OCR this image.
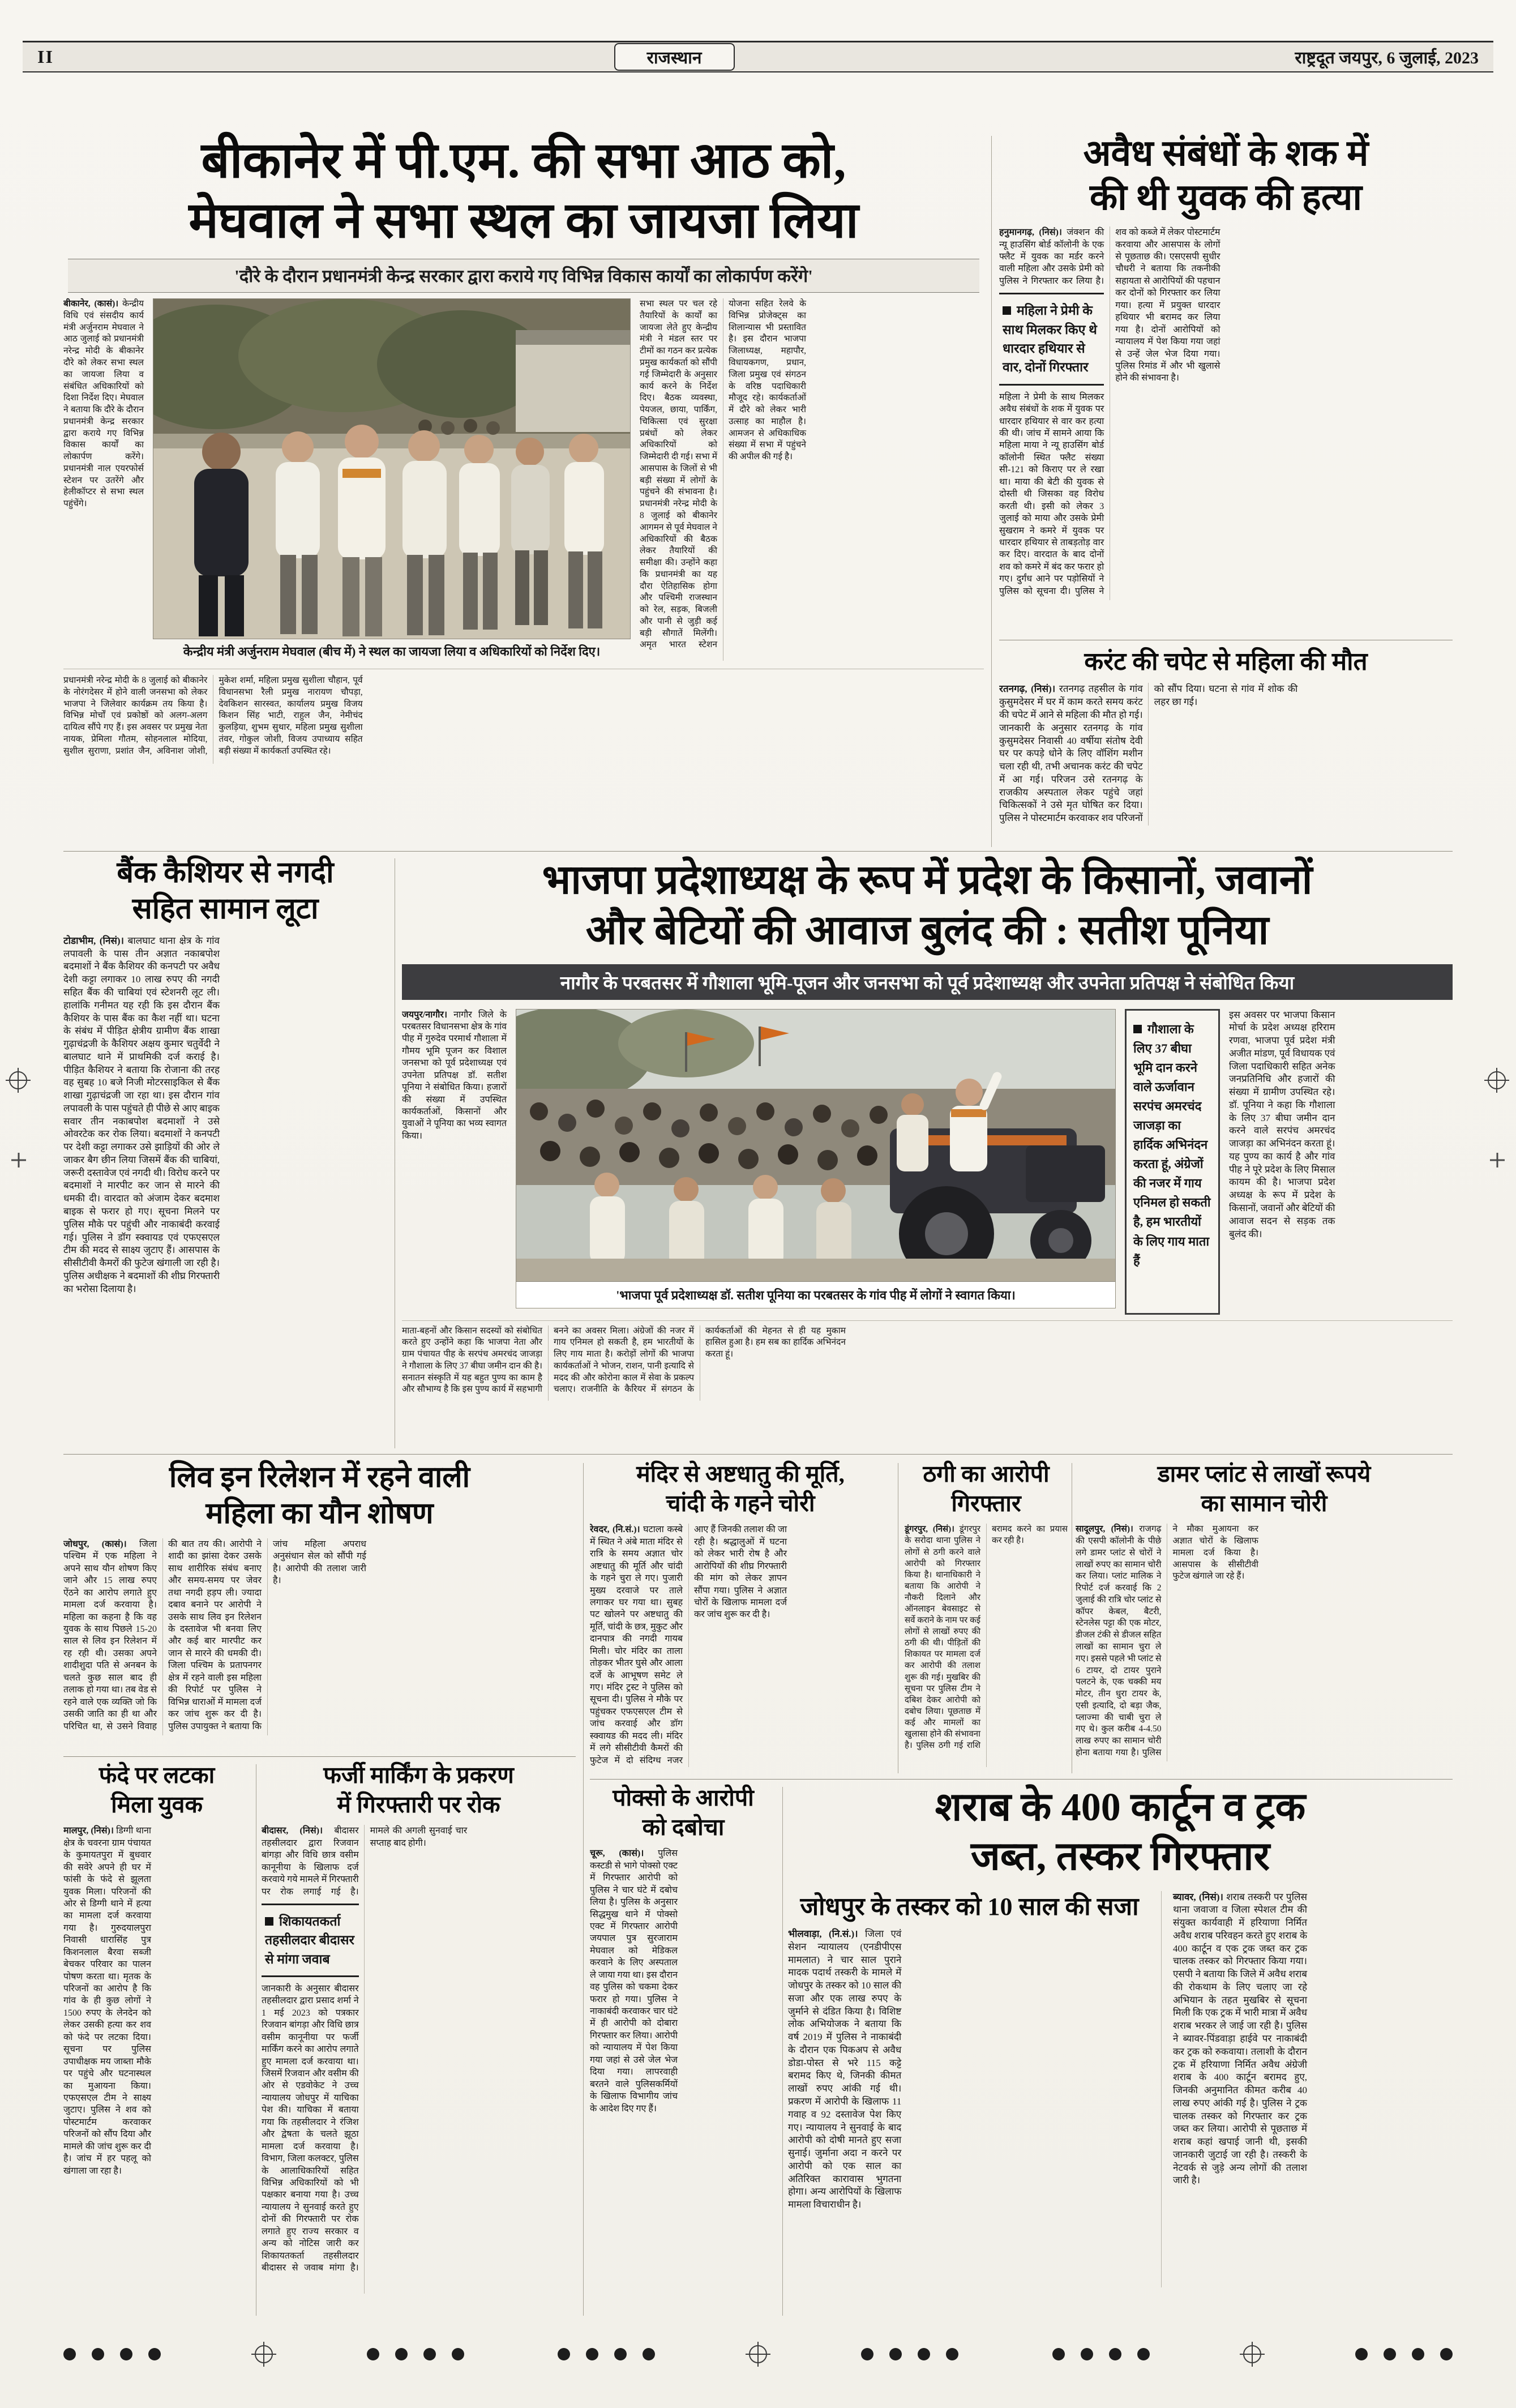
II	राजस्थान	राष्ट्रदूत जयपुर, 6 जुलाई, 2023
बीकानेर में पी.एम. की सभा आठ को,
मेघवाल ने सभा स्थल का जायजा लिया
'दौरे के दौरान प्रधानमंत्री केन्द्र सरकार द्वारा कराये गए विभिन्न विकास कार्यों का लोकार्पण करेंगे'
बीकानेर, (कासं)। केन्द्रीय विधि एवं संसदीय कार्य मंत्री अर्जुनराम मेघवाल ने आठ जुलाई को प्रधानमंत्री नरेन्द्र मोदी के बीकानेर दौरे को लेकर सभा स्थल का जायजा लिया व संबंधित अधिकारियों को दिशा निर्देश दिए। मेघवाल ने बताया कि दौरे के दौरान प्रधानमंत्री केन्द्र सरकार द्वारा कराये गए विभिन्न विकास कार्यों का लोकार्पण करेंगे। प्रधानमंत्री नाल एयरफोर्स स्टेशन पर उतरेंगे और हेलीकॉप्टर से सभा स्थल पहुंचेंगे।
केन्द्रीय मंत्री अर्जुनराम मेघवाल (बीच में) ने स्थल का जायजा लिया व अधिकारियों को निर्देश दिए।
सभा स्थल पर चल रहे तैयारियों के कार्यों का जायजा लेते हुए केन्द्रीय मंत्री ने मंडल स्तर पर टीमों का गठन कर प्रत्येक प्रमुख कार्यकर्ता को सौंपी गई जिम्मेदारी के अनुसार कार्य करने के निर्देश दिए। बैठक व्यवस्था, पेयजल, छाया, पार्किंग, चिकित्सा एवं सुरक्षा प्रबंधों को लेकर अधिकारियों को जिम्मेदारी दी गई। सभा में आसपास के जिलों से भी बड़ी संख्या में लोगों के पहुंचने की संभावना है। प्रधानमंत्री नरेन्द्र मोदी के 8 जुलाई को बीकानेर आगमन से पूर्व मेघवाल ने अधिकारियों की बैठक लेकर तैयारियों की समीक्षा की। उन्होंने कहा कि प्रधानमंत्री का यह दौरा ऐतिहासिक होगा और पश्चिमी राजस्थान को रेल, सड़क, बिजली और पानी से जुड़ी कई बड़ी सौगातें मिलेंगी। अमृत भारत स्टेशन योजना सहित रेलवे के विभिन्न प्रोजेक्ट्स का शिलान्यास भी प्रस्तावित है। इस दौरान भाजपा जिलाध्यक्ष, महापौर, विधायकगण, प्रधान, जिला प्रमुख एवं संगठन के वरिष्ठ पदाधिकारी मौजूद रहे। कार्यकर्ताओं में दौरे को लेकर भारी उत्साह का माहौल है। आमजन से अधिकाधिक संख्या में सभा में पहुंचने की अपील की गई है।
प्रधानमंत्री नरेन्द्र मोदी के 8 जुलाई को बीकानेर के नोरंगदेसर में होने वाली जनसभा को लेकर भाजपा ने जिलेवार कार्यक्रम तय किया है। विभिन्न मोर्चों एवं प्रकोष्ठों को अलग-अलग दायित्व सौंपे गए हैं। इस अवसर पर प्रमुख नेता नायक, प्रेमिला गौतम, सोहनलाल मोदिया, सुशील सुराणा, प्रशांत जैन, अविनाश जोशी, मुकेश शर्मा, महिला प्रमुख सुशीला चौहान, पूर्व विधानसभा रैली प्रमुख नारायण चौपड़ा, देवकिशन सारस्वत, कार्यालय प्रमुख विजय किशन सिंह भाटी, राहुल जैन, नेमीचंद कुलड़िया, शुभम सुथार, महिला प्रमुख सुशीला तंवर, गोकुल जोशी, विजय उपाध्याय सहित बड़ी संख्या में कार्यकर्ता उपस्थित रहे।
अवैध संबंधों के शक में
की थी युवक की हत्या
हनुमानगढ़, (निसं)। जंक्शन की न्यू हाउसिंग बोर्ड कॉलोनी के एक फ्लैट में युवक का मर्डर करने वाली महिला और उसके प्रेमी को पुलिस ने गिरफ्तार कर लिया है। महिला ने प्रेमी के साथ मिलकर किए थे धारदार हथियार से वार, दोनों गिरफ्तार महिला ने प्रेमी के साथ मिलकर अवैध संबंधों के शक में युवक पर धारदार हथियार से वार कर हत्या की थी। जांच में सामने आया कि महिला माया ने न्यू हाउसिंग बोर्ड कॉलोनी स्थित फ्लैट संख्या सी-121 को किराए पर ले रखा था। माया की बेटी की युवक से दोस्ती थी जिसका वह विरोध करती थी। इसी को लेकर 3 जुलाई को माया और उसके प्रेमी सुखराम ने कमरे में युवक पर धारदार हथियार से ताबड़तोड़ वार कर दिए। वारदात के बाद दोनों शव को कमरे में बंद कर फरार हो गए। दुर्गंध आने पर पड़ोसियों ने पुलिस को सूचना दी। पुलिस ने शव को कब्जे में लेकर पोस्टमार्टम करवाया और आसपास के लोगों से पूछताछ की। एसएसपी सुधीर चौधरी ने बताया कि तकनीकी सहायता से आरोपियों की पहचान कर दोनों को गिरफ्तार कर लिया गया। हत्या में प्रयुक्त धारदार हथियार भी बरामद कर लिया गया है। दोनों आरोपियों को न्यायालय में पेश किया गया जहां से उन्हें जेल भेज दिया गया। पुलिस रिमांड में और भी खुलासे होने की संभावना है।
करंट की चपेट से महिला की मौत
रतनगढ़, (निसं)। रतनगढ़ तहसील के गांव कुसुमदेसर में घर में काम करते समय करंट की चपेट में आने से महिला की मौत हो गई। जानकारी के अनुसार रतनगढ़ के गांव कुसुमदेसर निवासी 40 वर्षीया संतोष देवी घर पर कपड़े धोने के लिए वॉशिंग मशीन चला रही थी, तभी अचानक करंट की चपेट में आ गई। परिजन उसे रतनगढ़ के राजकीय अस्पताल लेकर पहुंचे जहां चिकित्सकों ने उसे मृत घोषित कर दिया। पुलिस ने पोस्टमार्टम करवाकर शव परिजनों को सौंप दिया। घटना से गांव में शोक की लहर छा गई।
बैंक कैशियर से नगदी
सहित सामान लूटा
टोडाभीम, (निसं)। बालघाट थाना क्षेत्र के गांव लपावली के पास तीन अज्ञात नकाबपोश बदमाशों ने बैंक कैशियर की कनपटी पर अवैध देशी कट्टा लगाकर 10 लाख रुपए की नगदी सहित बैंक की चाबियां एवं स्टेशनरी लूट ली। हालांकि गनीमत यह रही कि इस दौरान बैंक कैशियर के पास बैंक का कैश नहीं था। घटना के संबंध में पीड़ित क्षेत्रीय ग्रामीण बैंक शाखा गुढ़ाचंद्रजी के कैशियर अक्षय कुमार चतुर्वेदी ने बालघाट थाने में प्राथमिकी दर्ज कराई है। पीड़ित कैशियर ने बताया कि रोजाना की तरह वह सुबह 10 बजे निजी मोटरसाइकिल से बैंक शाखा गुढ़ाचंद्रजी जा रहा था। इस दौरान गांव लपावली के पास पहुंचते ही पीछे से आए बाइक सवार तीन नकाबपोश बदमाशों ने उसे ओवरटेक कर रोक लिया। बदमाशों ने कनपटी पर देशी कट्टा लगाकर उसे झाड़ियों की ओर ले जाकर बैग छीन लिया जिसमें बैंक की चाबियां, जरूरी दस्तावेज एवं नगदी थी। विरोध करने पर बदमाशों ने मारपीट कर जान से मारने की धमकी दी। वारदात को अंजाम देकर बदमाश बाइक से फरार हो गए। सूचना मिलने पर पुलिस मौके पर पहुंची और नाकाबंदी करवाई गई। पुलिस ने डॉग स्क्वायड एवं एफएसएल टीम की मदद से साक्ष्य जुटाए हैं। आसपास के सीसीटीवी कैमरों की फुटेज खंगाली जा रही है। पुलिस अधीक्षक ने बदमाशों की शीघ्र गिरफ्तारी का भरोसा दिलाया है।
भाजपा प्रदेशाध्यक्ष के रूप में प्रदेश के किसानों, जवानों
और बेटियों की आवाज बुलंद की : सतीश पूनिया
नागौर के परबतसर में गौशाला भूमि-पूजन और जनसभा को पूर्व प्रदेशाध्यक्ष और उपनेता प्रतिपक्ष ने संबोधित किया
जयपुर/नागौर। नागौर जिले के परबतसर विधानसभा क्षेत्र के गांव पीह में गुरुदेव परमार्थ गौशाला में गौमय भूमि पूजन कर विशाल जनसभा को पूर्व प्रदेशाध्यक्ष एवं उपनेता प्रतिपक्ष डॉ. सतीश पूनिया ने संबोधित किया। हजारों की संख्या में उपस्थित कार्यकर्ताओं, किसानों और युवाओं ने पूनिया का भव्य स्वागत किया।
'भाजपा पूर्व प्रदेशाध्यक्ष डॉ. सतीश पूनिया का परबतसर के गांव पीह में लोगों ने स्वागत किया।
गौशाला के लिए 37 बीघा भूमि दान करने वाले ऊर्जावान सरपंच अमरचंद जाजड़ा का हार्दिक अभिनंदन करता हूं, अंग्रेजों की नजर में गाय एनिमल हो सकती है, हम भारतीयों के लिए गाय माता हैं
इस अवसर पर भाजपा किसान मोर्चा के प्रदेश अध्यक्ष हरिराम रणवा, भाजपा पूर्व प्रदेश मंत्री अजीत मांडण, पूर्व विधायक एवं जिला पदाधिकारी सहित अनेक जनप्रतिनिधि और हजारों की संख्या में ग्रामीण उपस्थित रहे। डॉ. पूनिया ने कहा कि गौशाला के लिए 37 बीघा जमीन दान करने वाले सरपंच अमरचंद जाजड़ा का अभिनंदन करता हूं। यह पुण्य का कार्य है और गांव पीह ने पूरे प्रदेश के लिए मिसाल कायम की है। भाजपा प्रदेश अध्यक्ष के रूप में प्रदेश के किसानों, जवानों और बेटियों की आवाज सदन से सड़क तक बुलंद की।
माता-बहनों और किसान सदस्यों को संबोधित करते हुए उन्होंने कहा कि भाजपा नेता और ग्राम पंचायत पीह के सरपंच अमरचंद जाजड़ा ने गौशाला के लिए 37 बीघा जमीन दान की है। सनातन संस्कृति में यह बहुत पुण्य का काम है और सौभाग्य है कि इस पुण्य कार्य में सहभागी बनने का अवसर मिला। अंग्रेजों की नजर में गाय एनिमल हो सकती है, हम भारतीयों के लिए गाय माता है। करोड़ों लोगों की भाजपा कार्यकर्ताओं ने भोजन, राशन, पानी इत्यादि से मदद की और कोरोना काल में सेवा के प्रकल्प चलाए। राजनीति के कैरियर में संगठन के कार्यकर्ताओं की मेहनत से ही यह मुकाम हासिल हुआ है। हम सब का हार्दिक अभिनंदन करता हूं।
लिव इन रिलेशन में रहने वाली
महिला का यौन शोषण
जोधपुर, (कासं)। जिला पश्चिम में एक महिला ने अपने साथ यौन शोषण किए जाने और 15 लाख रुपए ऐंठने का आरोप लगाते हुए मामला दर्ज करवाया है। महिला का कहना है कि वह युवक के साथ पिछले 15-20 साल से लिव इन रिलेशन में रह रही थी। उसका अपने शादीशुदा पति से अनबन के चलते कुछ साल बाद ही तलाक हो गया था। तब वेड से रहने वाले एक व्यक्ति जो कि उसकी जाति का ही था और परिचित था, से उसने विवाह की बात तय की। आरोपी ने शादी का झांसा देकर उसके साथ शारीरिक संबंध बनाए और समय-समय पर जेवर तथा नगदी हड़प ली। ज्यादा दबाव बनाने पर आरोपी ने उसके साथ लिव इन रिलेशन के दस्तावेज भी बनवा लिए और कई बार मारपीट कर जान से मारने की धमकी दी। जिला पश्चिम के प्रतापनगर क्षेत्र में रहने वाली इस महिला की रिपोर्ट पर पुलिस ने विभिन्न धाराओं में मामला दर्ज कर जांच शुरू कर दी है। पुलिस उपायुक्त ने बताया कि जांच महिला अपराध अनुसंधान सेल को सौंपी गई है। आरोपी की तलाश जारी है।
मंदिर से अष्टधातु की मूर्ति,
चांदी के गहने चोरी
रेवदर, (नि.सं.)। घटाला कस्बे में स्थित ने अंबे माता मंदिर से रात्रि के समय अज्ञात चोर अष्टधातु की मूर्ति और चांदी के गहने चुरा ले गए। पुजारी मुख्य दरवाजे पर ताले लगाकर घर गया था। सुबह पट खोलने पर अष्टधातु की मूर्ति, चांदी के छत्र, मुकुट और दानपात्र की नगदी गायब मिली। चोर मंदिर का ताला तोड़कर भीतर घुसे और आला दर्जे के आभूषण समेट ले गए। मंदिर ट्रस्ट ने पुलिस को सूचना दी। पुलिस ने मौके पर पहुंचकर एफएसएल टीम से जांच करवाई और डॉग स्क्वायड की मदद ली। मंदिर में लगे सीसीटीवी कैमरों की फुटेज में दो संदिग्ध नजर आए हैं जिनकी तलाश की जा रही है। श्रद्धालुओं में घटना को लेकर भारी रोष है और आरोपियों की शीघ्र गिरफ्तारी की मांग को लेकर ज्ञापन सौंपा गया। पुलिस ने अज्ञात चोरों के खिलाफ मामला दर्ज कर जांच शुरू कर दी है।
ठगी का आरोपी
गिरफ्तार
डूंगरपुर, (निसं)। डूंगरपुर के सरोदा थाना पुलिस ने लोगों से ठगी करने वाले आरोपी को गिरफ्तार किया है। थानाधिकारी ने बताया कि आरोपी ने नौकरी दिलाने और ऑनलाइन बेवसाइट से सर्वे कराने के नाम पर कई लोगों से लाखों रुपए की ठगी की थी। पीड़ितों की शिकायत पर मामला दर्ज कर आरोपी की तलाश शुरू की गई। मुखबिर की सूचना पर पुलिस टीम ने दबिश देकर आरोपी को दबोच लिया। पूछताछ में कई और मामलों का खुलासा होने की संभावना है। पुलिस ठगी गई राशि बरामद करने का प्रयास कर रही है।
डामर प्लांट से लाखों रूपये
का सामान चोरी
सादूलपुर, (निसं)। राजगढ़ की एसपी कॉलोनी के पीछे लगे डामर प्लांट से चोरों ने लाखों रुपए का सामान चोरी कर लिया। प्लांट मालिक ने रिपोर्ट दर्ज करवाई कि 2 जुलाई की रात्रि चोर प्लांट से कॉपर केबल, बैटरी, स्टेनलेस पट्टा की एक मोटर, डीजल टंकी से डीजल सहित लाखों का सामान चुरा ले गए। इससे पहले भी प्लांट से 6 टायर, दो टायर पुराने पलटने के, एक चक्की मय मोटर, तीन धुरा टायर के, एसी इत्यादि, दो बड़ा जैक, प्लाज्मा की चाबी चुरा ले गए थे। कुल करीब 4-4.50 लाख रुपए का सामान चोरी होना बताया गया है। पुलिस ने मौका मुआयना कर अज्ञात चोरों के खिलाफ मामला दर्ज किया है। आसपास के सीसीटीवी फुटेज खंगाले जा रहे हैं।
फंदे पर लटका
मिला युवक
मालपुर, (निसं)। डिग्गी थाना क्षेत्र के चवरना ग्राम पंचायत के कुमायतपुरा में बुधवार की सवेरे अपने ही घर में फांसी के फंदे से झूलता युवक मिला। परिजनों की ओर से डिग्गी थाने में हत्या का मामला दर्ज करवाया गया है। गुरुदयालपुरा निवासी धारासिंह पुत्र किशनलाल बैरवा सब्जी बेचकर परिवार का पालन पोषण करता था। मृतक के परिजनों का आरोप है कि गांव के ही कुछ लोगों ने 1500 रुपए के लेनदेन को लेकर उसकी हत्या कर शव को फंदे पर लटका दिया। सूचना पर पुलिस उपाधीक्षक मय जाब्ता मौके पर पहुंचे और घटनास्थल का मुआयना किया। एफएसएल टीम ने साक्ष्य जुटाए। पुलिस ने शव को पोस्टमार्टम करवाकर परिजनों को सौंप दिया और मामले की जांच शुरू कर दी है। जांच में हर पहलू को खंगाला जा रहा है।
फर्जी मार्किंग के प्रकरण
में गिरफ्तारी पर रोक
बीदासर, (निसं)। बीदासर तहसीलदार द्वारा रिजवान बांगड़ा और विधि छात्र वसीम कानूनीया के खिलाफ दर्ज करवाये गये मामले में गिरफ्तारी पर रोक लगाई गई है। शिकायतकर्ता तहसीलदार बीदासर से मांगा जवाब जानकारी के अनुसार बीदासर तहसीलदार द्वारा प्रसाद शर्मा ने 1 मई 2023 को पत्रकार रिजवान बांगड़ा और विधि छात्र वसीम कानूनीया पर फर्जी मार्किंग करने का आरोप लगाते हुए मामला दर्ज करवाया था। जिसमें रिजवान और वसीम की ओर से एडवोकेट ने उच्च न्यायालय जोधपुर में याचिका पेश की। याचिका में बताया गया कि तहसीलदार ने रंजिश और द्वेषता के चलते झूठा मामला दर्ज करवाया है। विभाग, जिला कलक्टर, पुलिस के आलाधिकारियों सहित विभिन्न अधिकारियों को भी पक्षकार बनाया गया है। उच्च न्यायालय ने सुनवाई करते हुए दोनों की गिरफ्तारी पर रोक लगाते हुए राज्य सरकार व अन्य को नोटिस जारी कर शिकायतकर्ता तहसीलदार बीदासर से जवाब मांगा है। मामले की अगली सुनवाई चार सप्ताह बाद होगी।
पोक्सो के आरोपी
को दबोचा
चूरू, (कासं)। पुलिस कस्टडी से भागे पोक्सो एक्ट में गिरफ्तार आरोपी को पुलिस ने चार घंटे में दबोच लिया है। पुलिस के अनुसार सिद्धमुख थाने में पोक्सो एक्ट में गिरफ्तार आरोपी जयपाल पुत्र सुरजाराम मेघवाल को मेडिकल करवाने के लिए अस्पताल ले जाया गया था। इस दौरान वह पुलिस को चकमा देकर फरार हो गया। पुलिस ने नाकाबंदी करवाकर चार घंटे में ही आरोपी को दोबारा गिरफ्तार कर लिया। आरोपी को न्यायालय में पेश किया गया जहां से उसे जेल भेज दिया गया। लापरवाही बरतने वाले पुलिसकर्मियों के खिलाफ विभागीय जांच के आदेश दिए गए हैं।
शराब के 400 कार्टून व ट्रक
जब्त, तस्कर गिरफ्तार
जोधपुर के तस्कर को 10 साल की सजा
भीलवाड़ा, (नि.सं.)। जिला एवं सेशन न्यायालय (एनडीपीएस मामलात) ने चार साल पुराने मादक पदार्थ तस्करी के मामले में जोधपुर के तस्कर को 10 साल की सजा और एक लाख रुपए के जुर्माने से दंडित किया है। विशिष्ट लोक अभियोजक ने बताया कि वर्ष 2019 में पुलिस ने नाकाबंदी के दौरान एक पिकअप से अवैध डोडा-पोस्त से भरे 115 कट्टे बरामद किए थे, जिनकी कीमत लाखों रुपए आंकी गई थी। प्रकरण में आरोपी के खिलाफ 11 गवाह व 92 दस्तावेज पेश किए गए। न्यायालय ने सुनवाई के बाद आरोपी को दोषी मानते हुए सजा सुनाई। जुर्माना अदा न करने पर आरोपी को एक साल का अतिरिक्त कारावास भुगतना होगा। अन्य आरोपियों के खिलाफ मामला विचाराधीन है।
ब्यावर, (निसं)। शराब तस्करी पर पुलिस थाना जवाजा व जिला स्पेशल टीम की संयुक्त कार्यवाही में हरियाणा निर्मित अवैध शराब परिवहन करते हुए शराब के 400 कार्टून व एक ट्रक जब्त कर ट्रक चालक तस्कर को गिरफ्तार किया गया। एसपी ने बताया कि जिले में अवैध शराब की रोकथाम के लिए चलाए जा रहे अभियान के तहत मुखबिर से सूचना मिली कि एक ट्रक में भारी मात्रा में अवैध शराब भरकर ले जाई जा रही है। पुलिस ने ब्यावर-पिंडवाड़ा हाईवे पर नाकाबंदी कर ट्रक को रुकवाया। तलाशी के दौरान ट्रक में हरियाणा निर्मित अवैध अंग्रेजी शराब के 400 कार्टून बरामद हुए, जिनकी अनुमानित कीमत करीब 40 लाख रुपए आंकी गई है। पुलिस ने ट्रक चालक तस्कर को गिरफ्तार कर ट्रक जब्त कर लिया। आरोपी से पूछताछ में शराब कहां खपाई जानी थी, इसकी जानकारी जुटाई जा रही है। तस्करी के नेटवर्क से जुड़े अन्य लोगों की तलाश जारी है।
